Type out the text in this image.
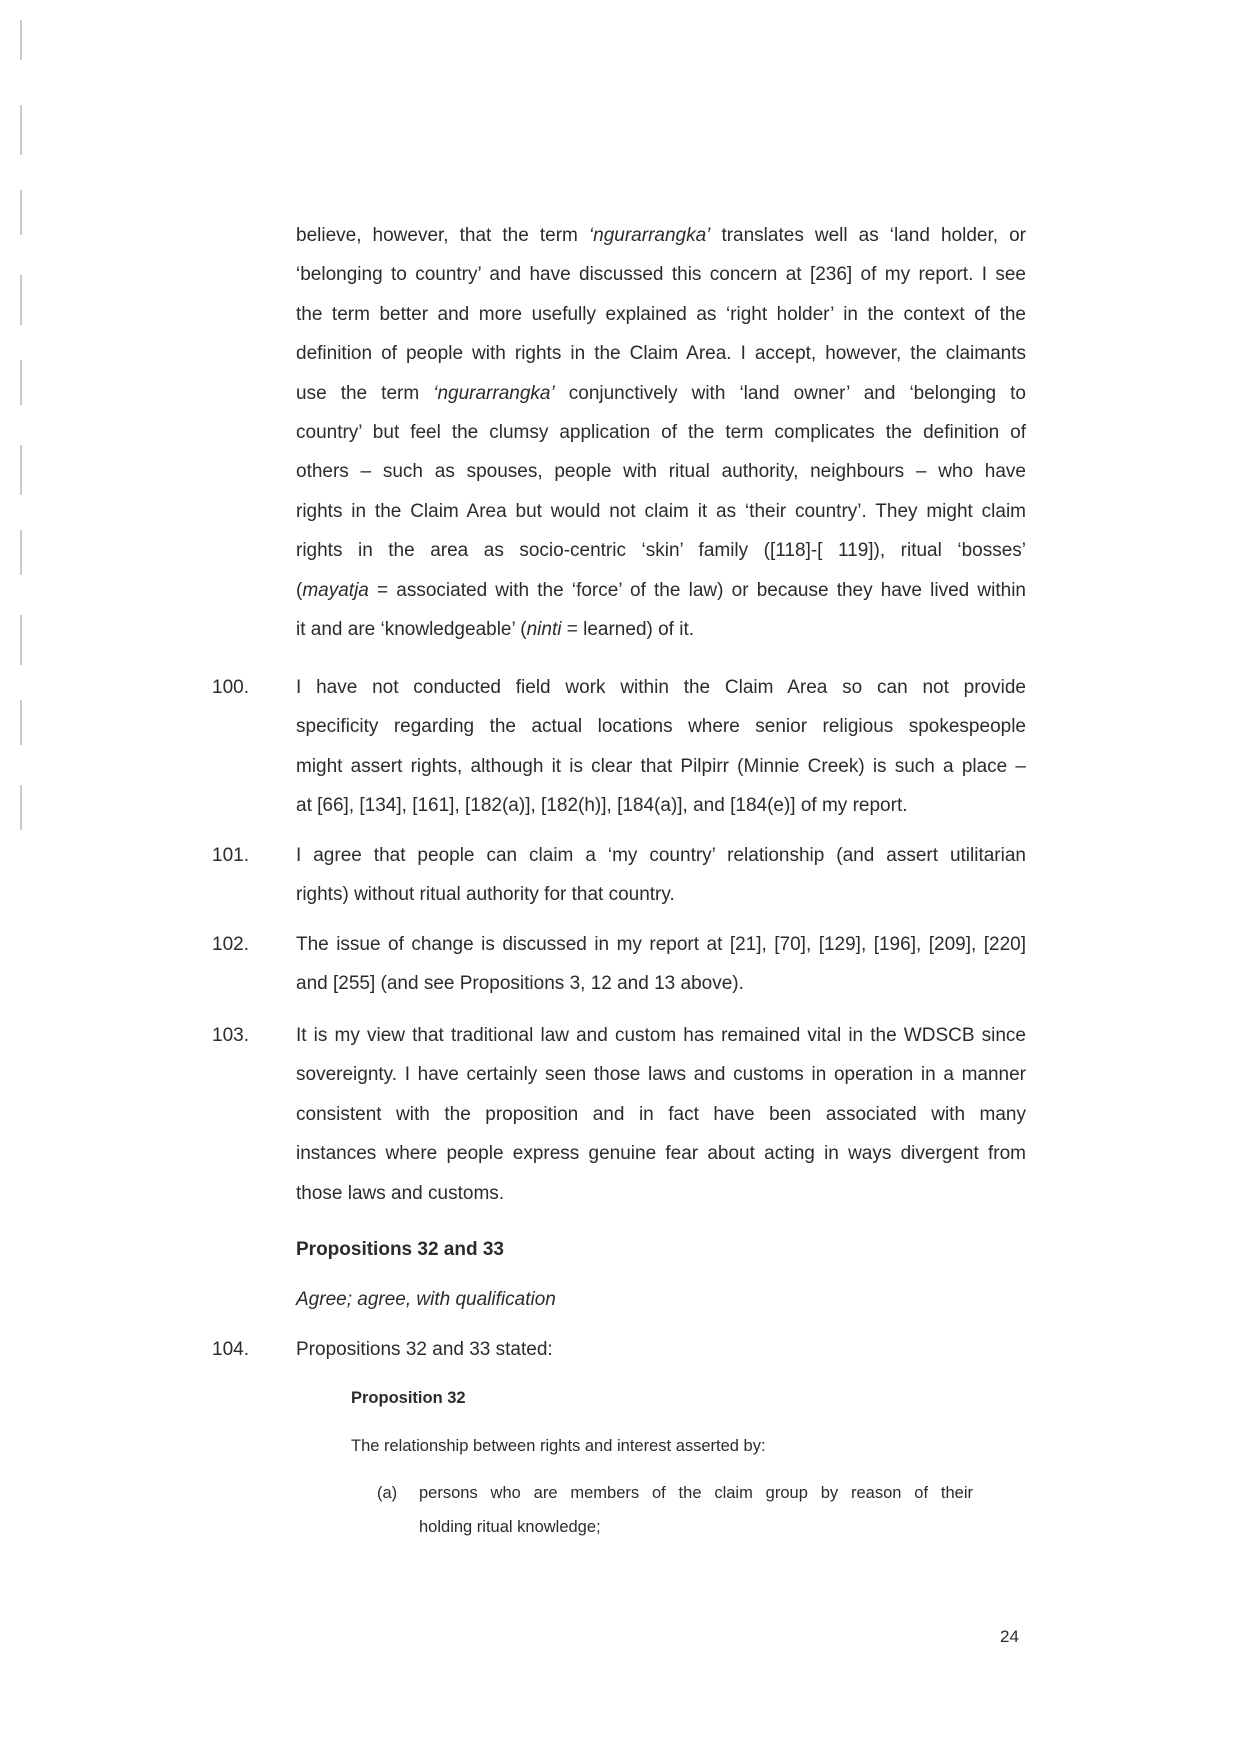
believe, however, that the term ‘ngurarrangka’ translates well as ‘land holder, or
‘belonging to country’ and have discussed this concern at [236] of my report. I see
the term better and more usefully explained as ‘right holder’ in the context of the
definition of people with rights in the Claim Area. I accept, however, the claimants
use the term ‘ngurarrangka’ conjunctively with ‘land owner’ and ‘belonging to
country’ but feel the clumsy application of the term complicates the definition of
others – such as spouses, people with ritual authority, neighbours – who have
rights in the Claim Area but would not claim it as ‘their country’. They might claim
rights in the area as socio-centric ‘skin’ family ([118]-[ 119]), ritual ‘bosses’
(mayatja = associated with the ‘force’ of the law) or because they have lived within
it and are ‘knowledgeable’ (ninti = learned) of it.
100. I have not conducted field work within the Claim Area so can not provide
specificity regarding the actual locations where senior religious spokespeople
might assert rights, although it is clear that Pilpirr (Minnie Creek) is such a place –
at [66], [134], [161], [182(a)], [182(h)], [184(a)], and [184(e)] of my report.
101. I agree that people can claim a ‘my country’ relationship (and assert utilitarian
rights) without ritual authority for that country.
102. The issue of change is discussed in my report at [21], [70], [129], [196], [209], [220]
and [255] (and see Propositions 3, 12 and 13 above).
103. It is my view that traditional law and custom has remained vital in the WDSCB since
sovereignty. I have certainly seen those laws and customs in operation in a manner
consistent with the proposition and in fact have been associated with many
instances where people express genuine fear about acting in ways divergent from
those laws and customs.
Propositions 32 and 33
Agree; agree, with qualification
104. Propositions 32 and 33 stated:
Proposition 32
The relationship between rights and interest asserted by:
(a) persons who are members of the claim group by reason of their
holding ritual knowledge;
24
